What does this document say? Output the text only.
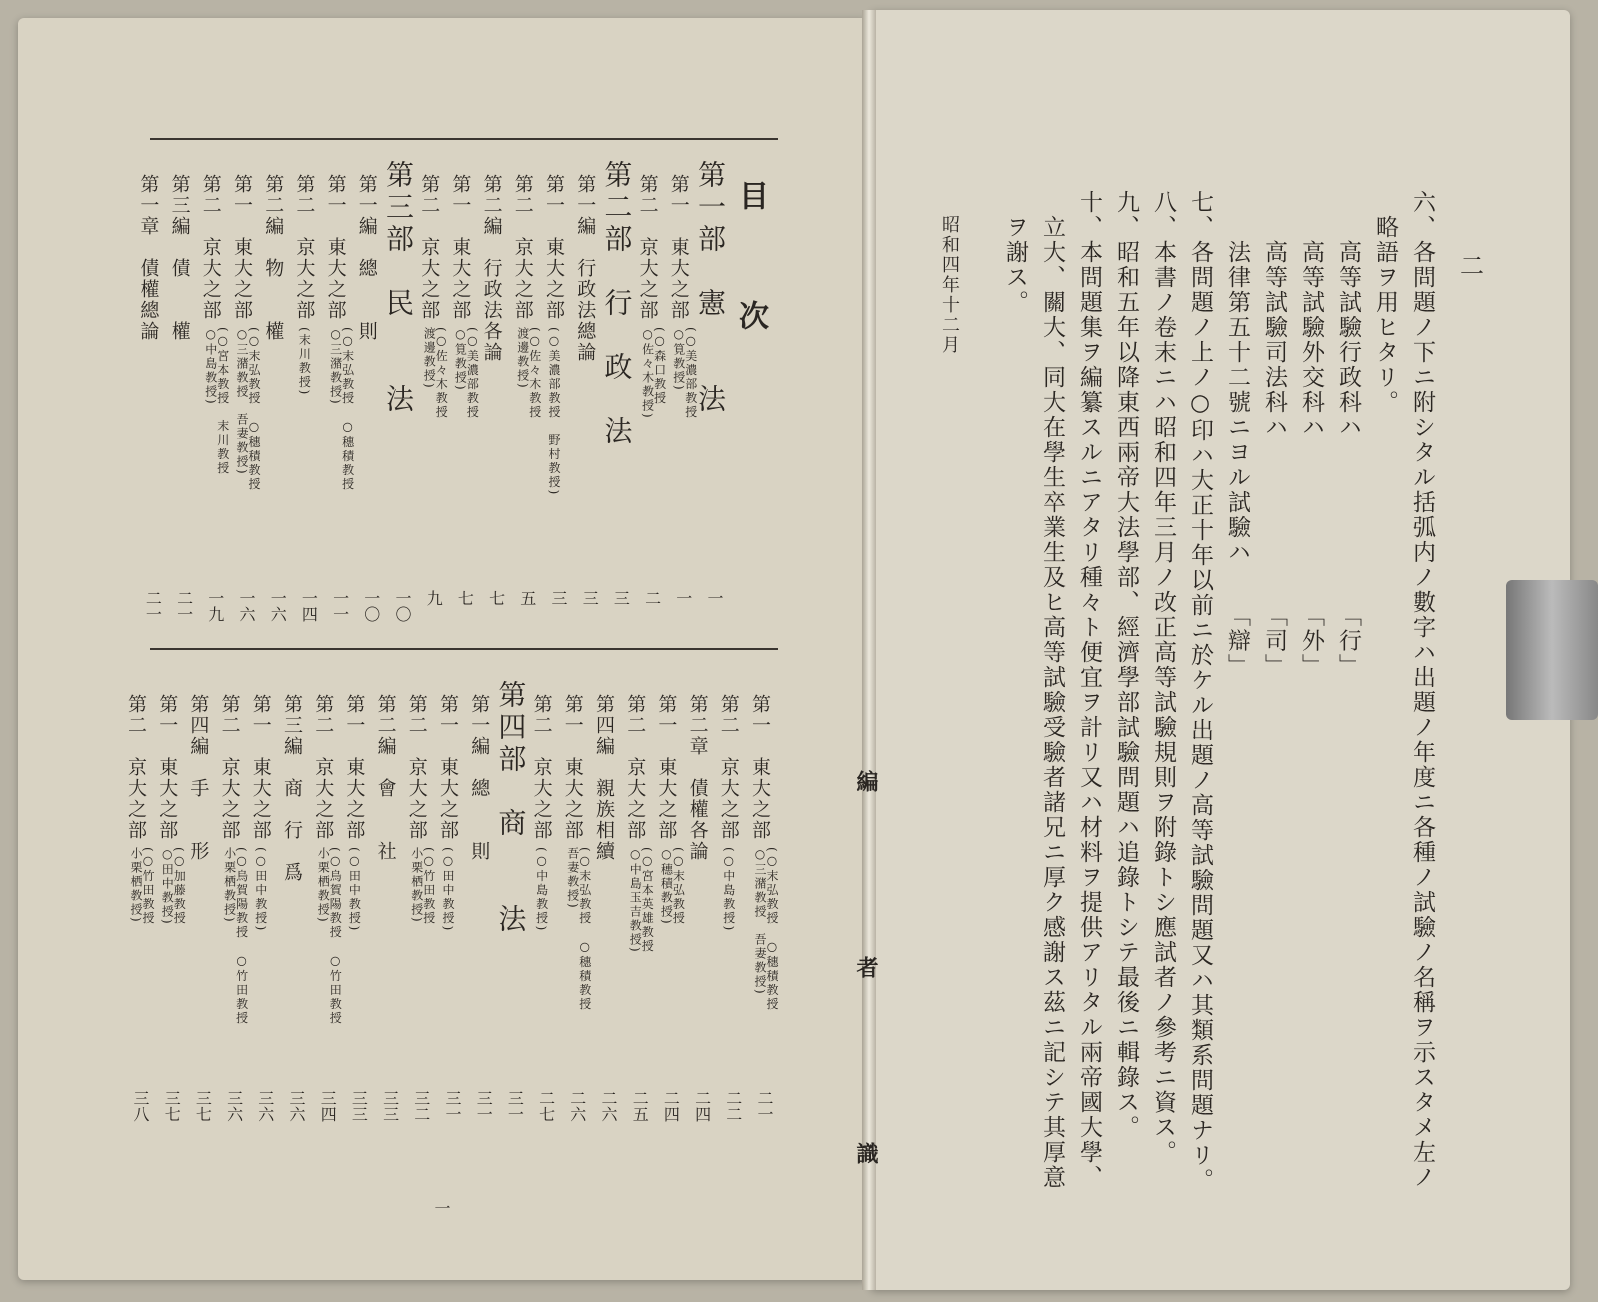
第一部　憲　　法
一
第一　東大之部(○美濃部教授
○筧教授)
一
第二　京大之部(○森口教授
○佐々木教授)
二
第二部　行　政　法
三
第一編　行政法總論
三
第一　東大之部(○美濃部教授　野村教授)
三
第二　京大之部(○佐々木教授
渡邊教授)
五
第二編　行政法各論
七
第一　東大之部(○美濃部教授
○筧教授)
七
第二　京大之部(○佐々木教授
渡邊教授)
九
第三部　民　　法
一〇
第一編　總　　則
一〇
第一　東大之部(○末弘教授　○穗積教授
○三潴教授)
一一
第二　京大之部(末川教授)
一四
第二編　物　　權
一六
第一　東大之部(○末弘教授　○穗積教授
○三潴教授　吾妻教授)
一六
第二　京大之部(○宮本教授　末川教授
○中島教授)
一九
第三編　債　　權
二一
第一章　債權總論
二一
第一　東大之部(○末弘教授　○穗積教授
○三潴教授　吾妻教授)
二一
第二　京大之部(○中島教授)
二二
第二章　債權各論
二四
第一　東大之部(○末弘教授
○穗積教授)
二四
第二　京大之部(○宮本英雄教授
○中島玉吉教授)
二五
第四編　親族相續
二六
第一　東大之部(○末弘教授　○穗積教授
吾妻教授)
二六
第二　京大之部(○中島教授)
二七
第四部　商　　法
三一
第一編　總　　則
三一
第一　東大之部(○田中教授)
三一
第二　京大之部(○竹田教授
小栗栖教授)
三二
第二編　會　　社
三三
第一　東大之部(○田中教授)
三三
第二　京大之部(○烏賀陽教授　○竹田教授
小栗栖教授)
三四
第三編　商　行　爲
三六
第一　東大之部(○田中教授)
三六
第二　京大之部(○烏賀陽教授　○竹田教授
小栗栖教授)
三六
第四編　手　　形
三七
第一　東大之部(○加藤教授
○田中教授)
三七
第二　京大之部(○竹田教授
小栗栖教授)
三八
目　次
一
六、各問題ノ下ニ附シタル括弧内ノ數字ハ出題ノ年度ニ各種ノ試驗ノ名稱ヲ示スタメ左ノ
　略語ヲ用ヒタリ。
　　高等試驗行政科ハ　　　　　　　「行」
　　高等試驗外交科ハ　　　　　　　「外」
　　高等試驗司法科ハ　　　　　　　「司」
　　法律第五十二號ニヨル試驗ハ　　「辯」
七、各問題ノ上ノ○印ハ大正十年以前ニ於ケル出題ノ高等試驗問題又ハ其類系問題ナリ。
八、本書ノ卷末ニハ昭和四年三月ノ改正高等試驗規則ヲ附錄トシ應試者ノ參考ニ資ス。
九、昭和五年以降東西兩帝大法學部、經濟學部試驗問題ハ追錄トシテ最後ニ輯錄ス。
十、本問題集ヲ編纂スルニアタリ種々ト便宜ヲ計リ又ハ材料ヲ提供アリタル兩帝國大學、
　立大、關大、同大在學生卒業生及ヒ高等試驗受驗者諸兄ニ厚ク感謝ス茲ニ記シテ其厚意
　ヲ謝ス。	二
昭和四年十二月
編　　者　　識
